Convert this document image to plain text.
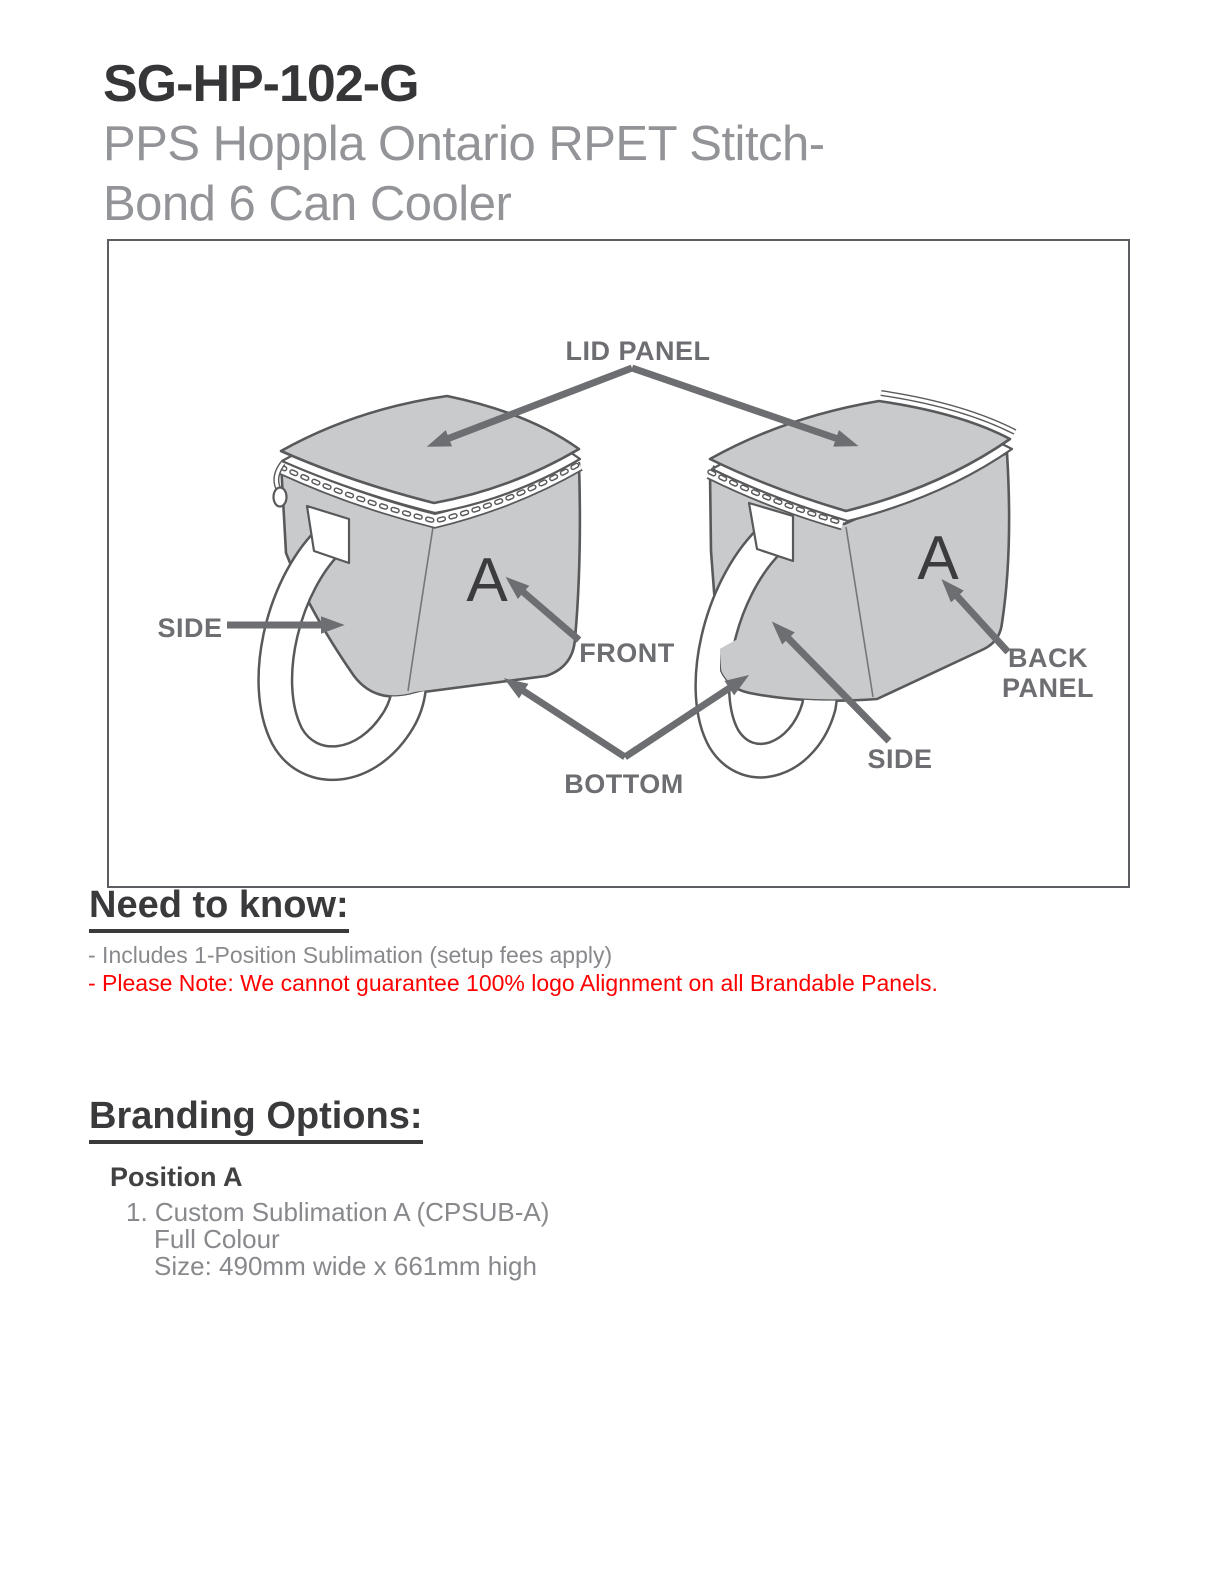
SG-HP-102-G
PPS Hoppla Ontario RPET Stitch-
Bond 6 Can Cooler
A	A
LID PANEL
SIDE
FRONT
BOTTOM
SIDE
BACK
PANEL
Need to know:
- Includes 1-Position Sublimation (setup fees apply)
- Please Note: We cannot guarantee 100% logo Alignment on all Brandable Panels.
Branding Options:
Position A
1. Custom Sublimation A (CPSUB-A)
Full Colour
Size: 490mm wide x 661mm high
